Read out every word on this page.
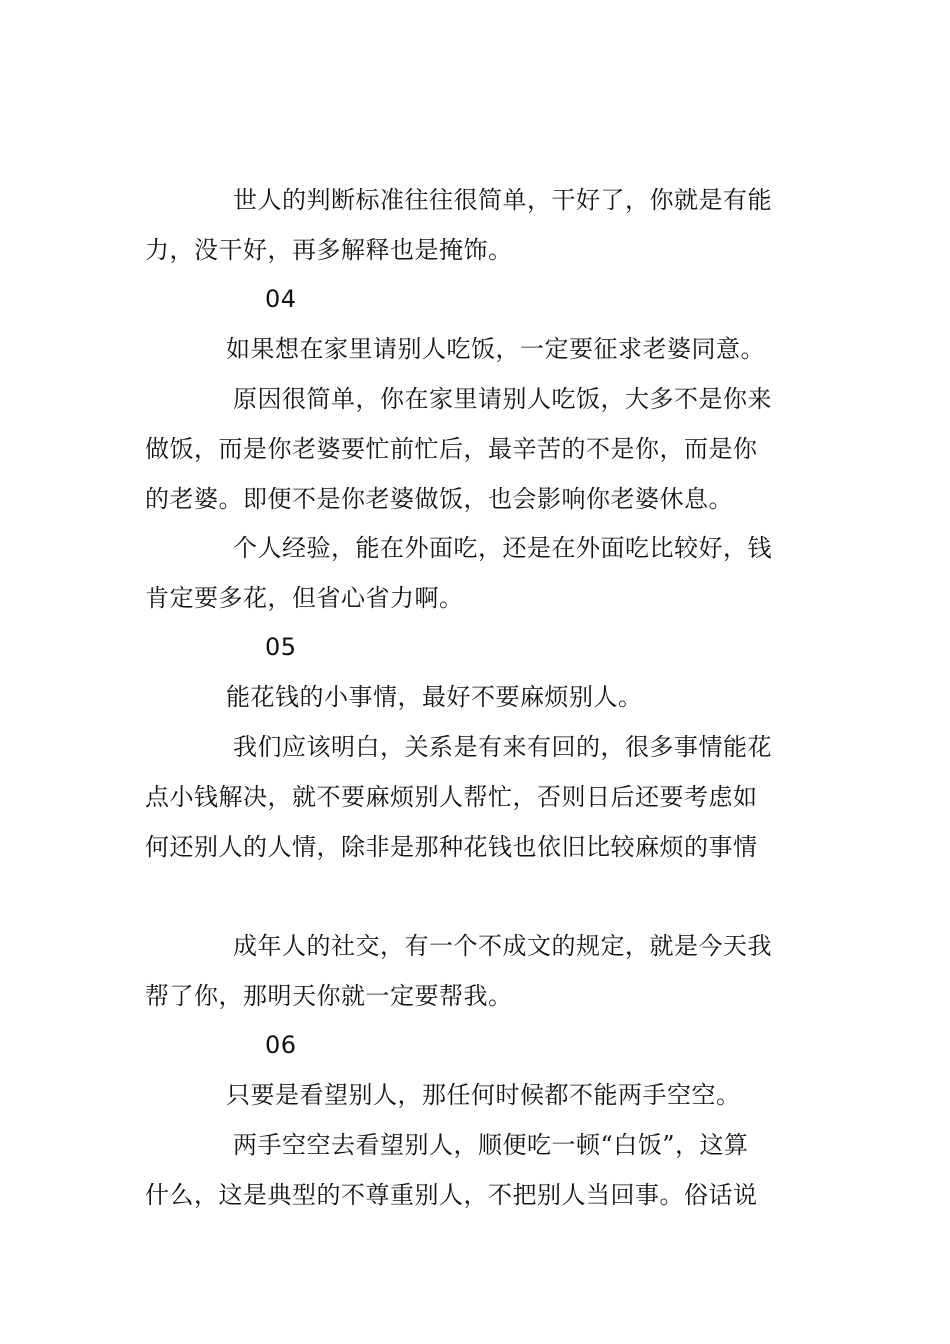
世人的判断标准往往很简单，干好了，你就是有能
力，没干好，再多解释也是掩饰。
04
如果想在家里请别人吃饭，一定要征求老婆同意。
原因很简单，你在家里请别人吃饭，大多不是你来
做饭，而是你老婆要忙前忙后，最辛苦的不是你，而是你
的老婆。即便不是你老婆做饭，也会影响你老婆休息。
个人经验，能在外面吃，还是在外面吃比较好，钱
肯定要多花，但省心省力啊。
05
能花钱的小事情，最好不要麻烦别人。
我们应该明白，关系是有来有回的，很多事情能花
点小钱解决，就不要麻烦别人帮忙，否则日后还要考虑如
何还别人的人情，除非是那种花钱也依旧比较麻烦的事情
成年人的社交，有一个不成文的规定，就是今天我
帮了你，那明天你就一定要帮我。
06
只要是看望别人，那任何时候都不能两手空空。
两手空空去看望别人，顺便吃一顿“白饭”，这算
什么，这是典型的不尊重别人，不把别人当回事。俗话说
